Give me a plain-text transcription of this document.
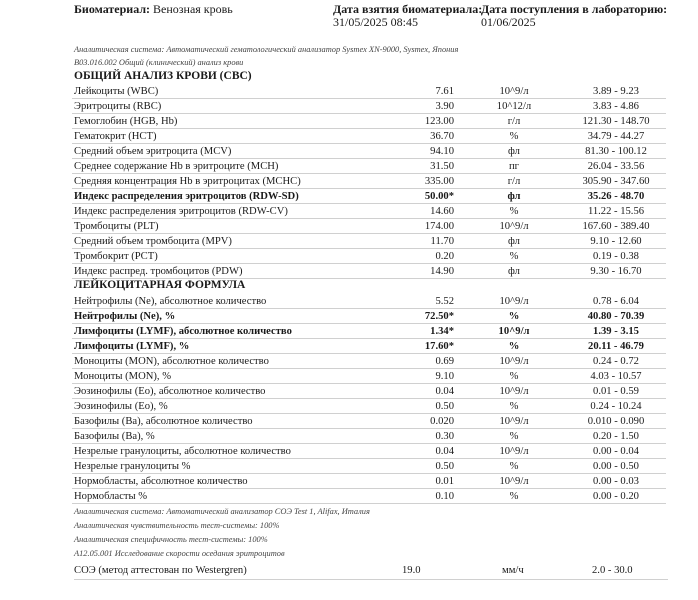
Биоматериал: Венозная кровь	Дата взятия биоматериала:
31/05/2025 08:45
Дата поступления в лабораторию:
01/06/2025
Аналитическая система: Автоматический гематологический анализатор Sysmex XN-9000, Sysmex, Япония
B03.016.002 Общий (клинический) анализ крови
ОБЩИЙ АНАЛИЗ КРОВИ (CBC)
Лейкоциты (WBC)	7.61	10^9/л	3.89 - 9.23
Эритроциты (RBC)	3.90	10^12/л	3.83 - 4.86
Гемоглобин (HGB, Hb)	123.00	г/л	121.30 - 148.70
Гематокрит (HCT)	36.70	%	34.79 - 44.27
Средний объем эритроцита (MCV)	94.10	фл	81.30 - 100.12
Среднее содержание Hb в эритроците (MCH)	31.50	пг	26.04 - 33.56
Средняя концентрация Hb в эритроцитах (MCHC)	335.00	г/л	305.90 - 347.60
Индекс распределения эритроцитов (RDW-SD)	50.00*	фл	35.26 - 48.70
Индекс распределения эритроцитов (RDW-CV)	14.60	%	11.22 - 15.56
Тромбоциты (PLT)	174.00	10^9/л	167.60 - 389.40
Средний объем тромбоцита (MPV)	11.70	фл	9.10 - 12.60
Тромбокрит (PCT)	0.20	%	0.19 - 0.38
Индекс распред. тромбоцитов (PDW)	14.90	фл	9.30 - 16.70
ЛЕЙКОЦИТАРНАЯ ФОРМУЛА
Нейтрофилы (Ne), абсолютное количество	5.52	10^9/л	0.78 - 6.04
Нейтрофилы (Ne), %	72.50*	%	40.80 - 70.39
Лимфоциты (LYMF), абсолютное количество	1.34*	10^9/л	1.39 - 3.15
Лимфоциты (LYMF), %	17.60*	%	20.11 - 46.79
Моноциты (MON), абсолютное количество	0.69	10^9/л	0.24 - 0.72
Моноциты (MON), %	9.10	%	4.03 - 10.57
Эозинофилы (Eo), абсолютное количество	0.04	10^9/л	0.01 - 0.59
Эозинофилы (Eo), %	0.50	%	0.24 - 10.24
Базофилы (Ba), абсолютное количество	0.020	10^9/л	0.010 - 0.090
Базофилы (Ba), %	0.30	%	0.20 - 1.50
Незрелые гранулоциты, абсолютное количество	0.04	10^9/л	0.00 - 0.04
Незрелые гранулоциты %	0.50	%	0.00 - 0.50
Нормобласты, абсолютное количество	0.01	10^9/л	0.00 - 0.03
Нормобласты %	0.10	%	0.00 - 0.20
Аналитическая система: Автоматический анализатор СОЭ Test 1, Alifax, Италия
Аналитическая чувствительность тест-системы: 100%
Аналитическая специфичность тест-системы: 100%
A12.05.001 Исследование скорости оседания эритроцитов
СОЭ (метод аттестован по Westergren)	19.0	мм/ч	2.0 - 30.0
